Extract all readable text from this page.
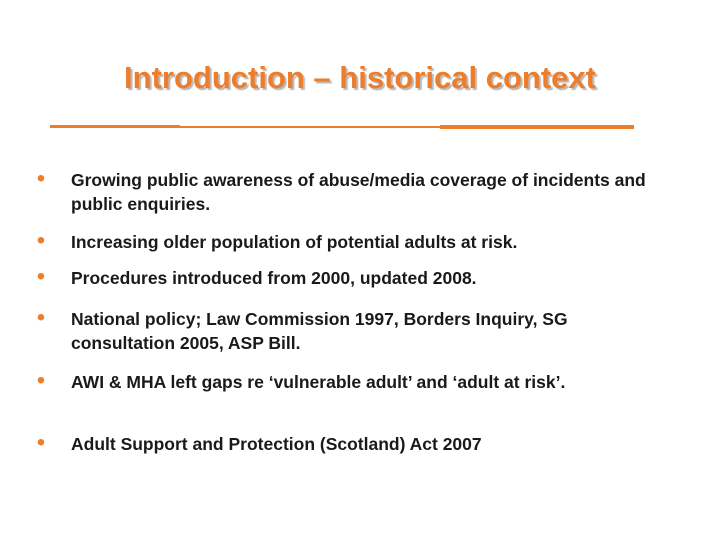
Introduction – historical context
• Growing public awareness of abuse/media coverage of incidents and public enquiries.
• Increasing older population of potential adults at risk.
• Procedures introduced from 2000, updated 2008.
• National policy; Law Commission 1997, Borders Inquiry, SG consultation 2005, ASP Bill.
• AWI & MHA left gaps re ‘vulnerable adult’ and ‘adult at risk’.
• Adult Support and Protection (Scotland) Act 2007
